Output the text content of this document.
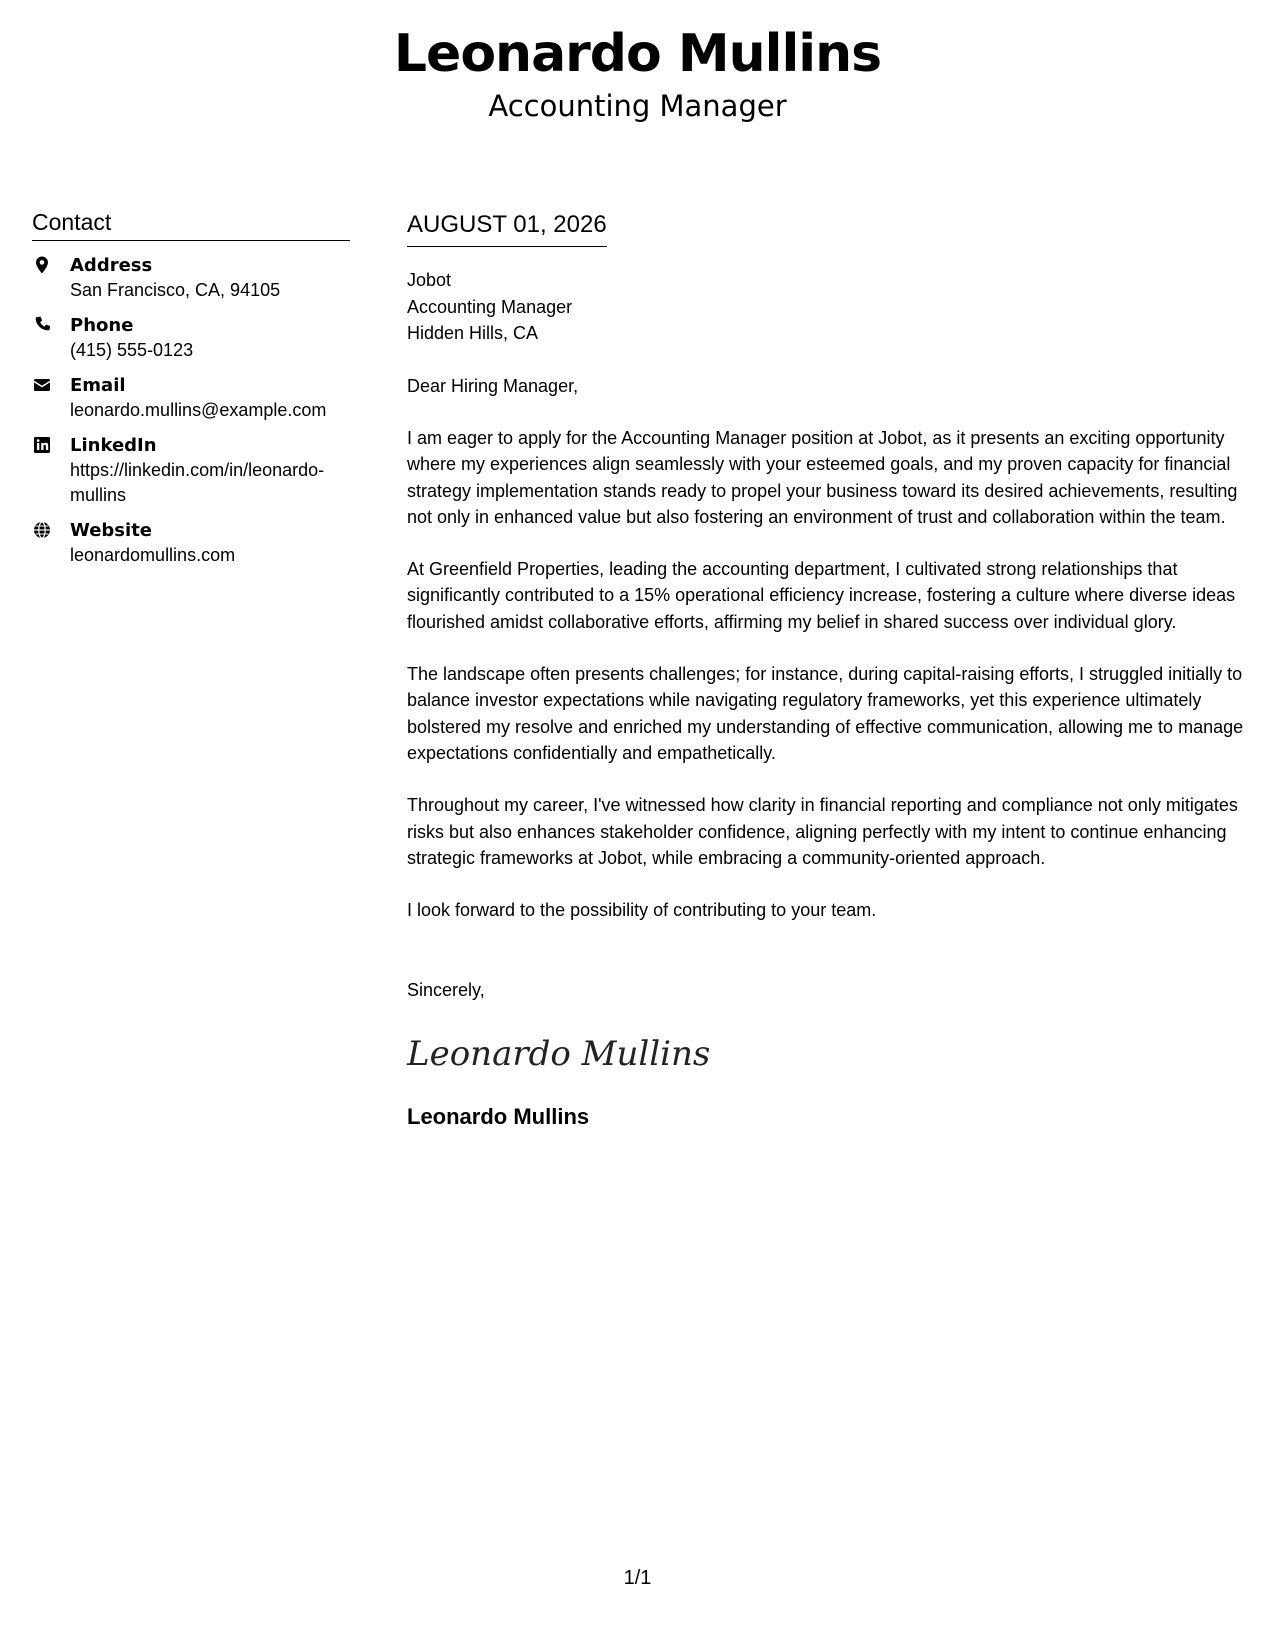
Leonardo Mullins
Accounting Manager
Contact
Address
San Francisco, CA, 94105
Phone
(415) 555-0123
Email
leonardo.mullins@example.com
LinkedIn
https://linkedin.com/in/leonardo-mullins
Website
leonardomullins.com
AUGUST 01, 2026
Jobot
Accounting Manager
Hidden Hills, CA
Dear Hiring Manager,
I am eager to apply for the Accounting Manager position at Jobot, as it presents an exciting opportunity where my experiences align seamlessly with your esteemed goals, and my proven capacity for financial strategy implementation stands ready to propel your business toward its desired achievements, resulting not only in enhanced value but also fostering an environment of trust and collaboration within the team.
At Greenfield Properties, leading the accounting department, I cultivated strong relationships that significantly contributed to a 15% operational efficiency increase, fostering a culture where diverse ideas flourished amidst collaborative efforts, affirming my belief in shared success over individual glory.
The landscape often presents challenges; for instance, during capital-raising efforts, I struggled initially to balance investor expectations while navigating regulatory frameworks, yet this experience ultimately bolstered my resolve and enriched my understanding of effective communication, allowing me to manage expectations confidentially and empathetically.
Throughout my career, I've witnessed how clarity in financial reporting and compliance not only mitigates risks but also enhances stakeholder confidence, aligning perfectly with my intent to continue enhancing strategic frameworks at Jobot, while embracing a community-oriented approach.
I look forward to the possibility of contributing to your team.
Sincerely,
Leonardo Mullins
Leonardo Mullins
1/1
